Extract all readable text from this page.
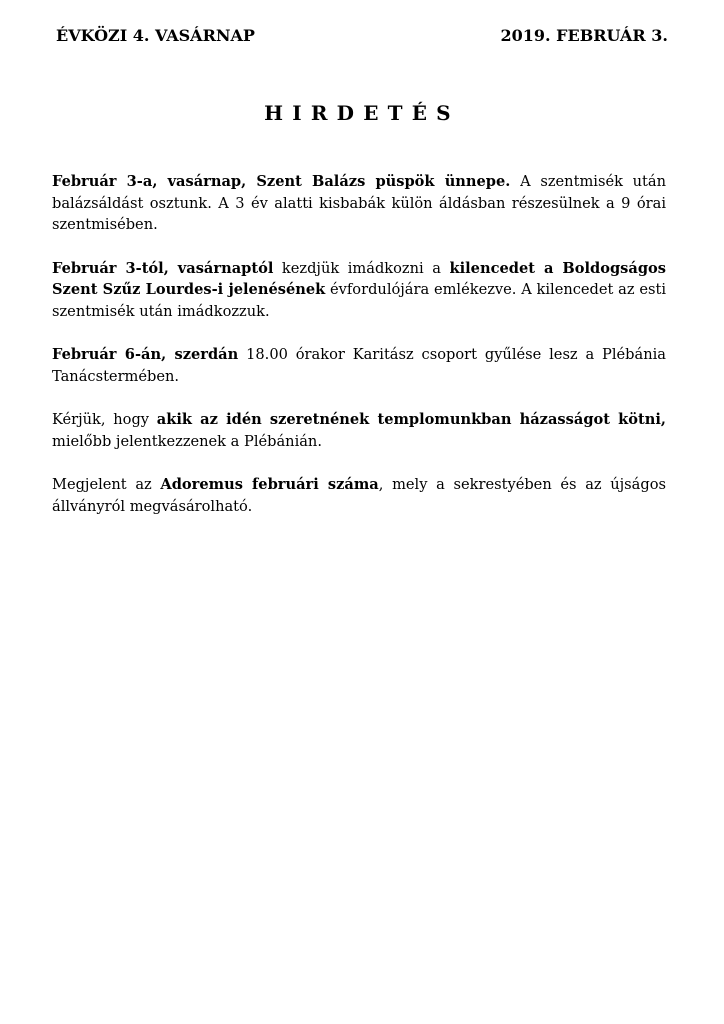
ÉVKÖZI 4. VASÁRNAP	2019. FEBRUÁR 3.
HIRDETÉS

Február 3-a, vasárnap, Szent Balázs püspök ünnepe. A szentmisék után balázsáldást osztunk. A 3 év alatti kisbabák külön áldásban részesülnek a 9 órai szentmisében.

Február 3-tól, vasárnaptól kezdjük imádkozni a kilencedet a Boldogságos Szent Szűz Lourdes-i jelenésének évfordulójára emlékezve. A kilencedet az esti szentmisék után imádkozzuk.

Február 6-án, szerdán 18.00 órakor Karitász csoport gyűlése lesz a Plébánia Tanácstermében.

Kérjük, hogy akik az idén szeretnének templomunkban házasságot kötni, mielőbb jelentkezzenek a Plébánián.

Megjelent az Adoremus februári száma, mely a sekrestyében és az újságos állványról megvásárolható.
